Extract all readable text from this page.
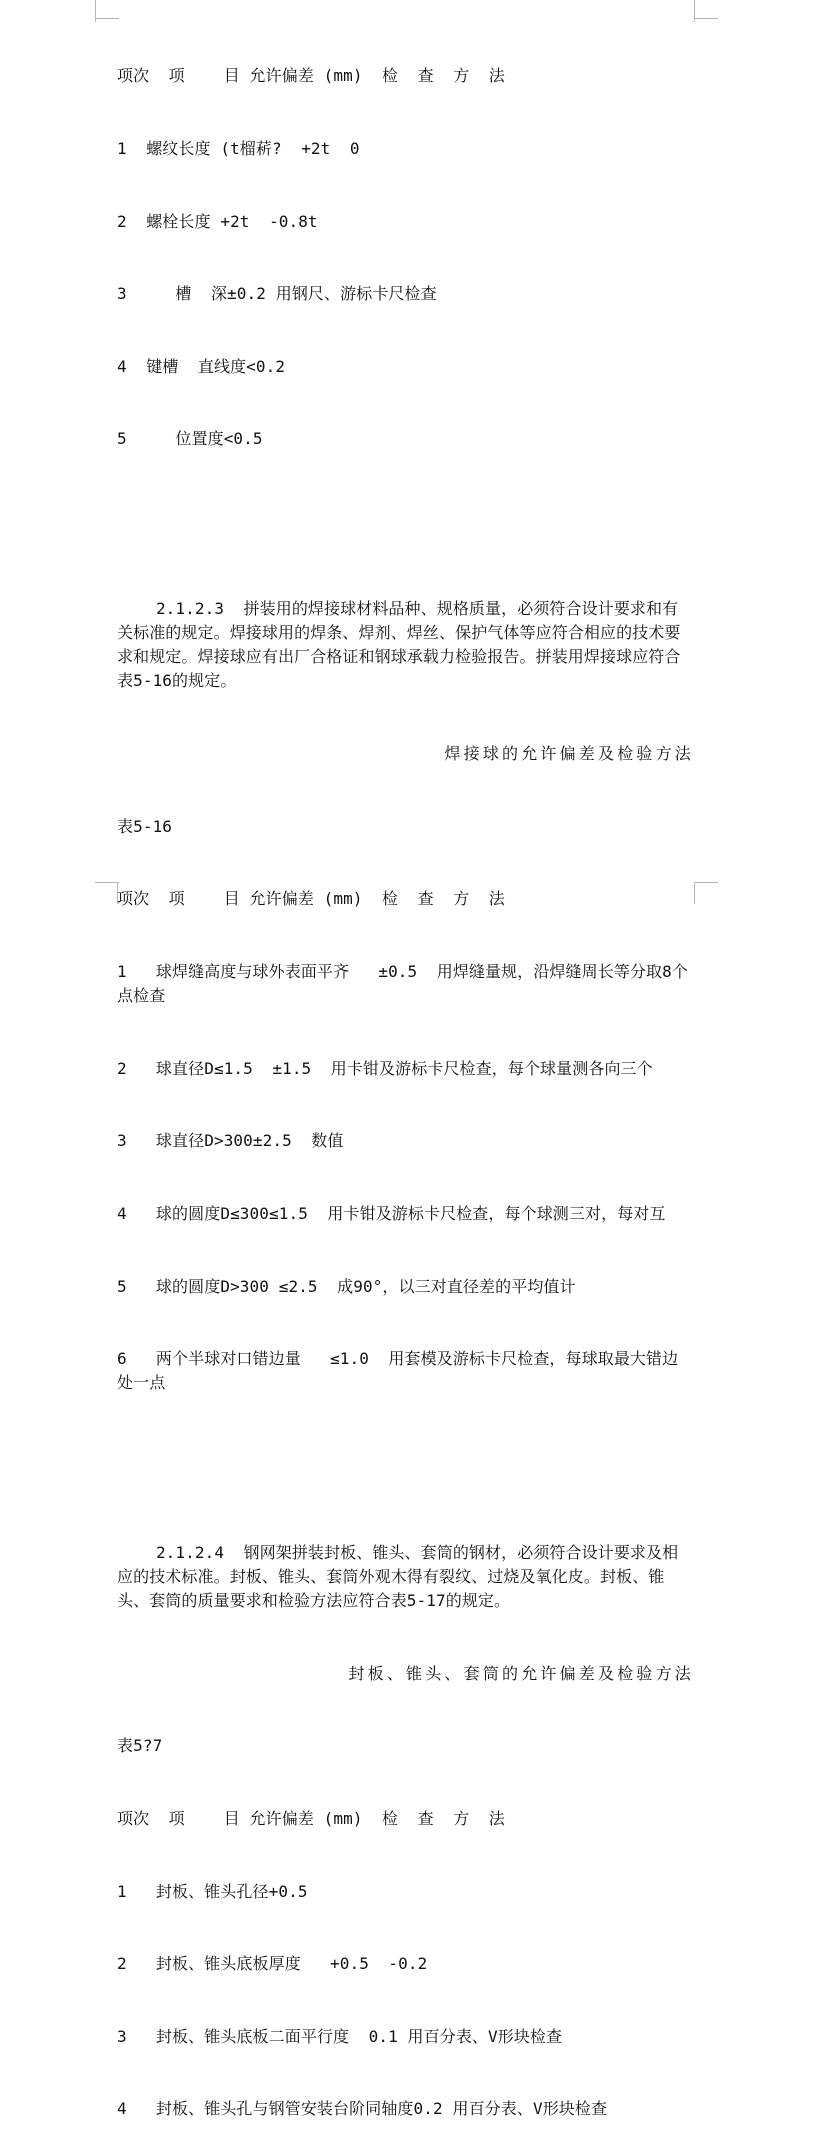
项次  项    目 允许偏差 (mm)  检  查  方  法

1  螺纹长度 (t榴菥?  +2t  0

2  螺栓长度 +2t  -0.8t

3     槽  深±0.2 用钢尺、游标卡尺检查

4  键槽  直线度<0.2

5     位置度<0.5

2.1.2.3  拼装用的焊接球材料品种、规格质量，必须符合设计要求和有关标准的规定。焊接球用的焊条、焊剂、焊丝、保护气体等应符合相应的技术要求和规定。焊接球应有出厂合格证和钢球承载力检验报告。拼装用焊接球应符合表5-16的规定。

焊接球的允许偏差及检验方法

表5-16

项次  项    目 允许偏差 (mm)  检  查  方  法

1   球焊缝高度与球外表面平齐   ±0.5  用焊缝量规，沿焊缝周长等分取8个点检查

2   球直径D≤1.5  ±1.5  用卡钳及游标卡尺检查，每个球量测各向三个

3   球直径D>300±2.5  数值

4   球的圆度D≤300≤1.5  用卡钳及游标卡尺检查，每个球测三对，每对互

5   球的圆度D>300 ≤2.5  成90°，以三对直径差的平均值计

6   两个半球对口错边量   ≤1.0  用套模及游标卡尺检查，每球取最大错边处一点

2.1.2.4  钢网架拼装封板、锥头、套筒的钢材，必须符合设计要求及相应的技术标准。封板、锥头、套筒外观木得有裂纹、过烧及氧化皮。封板、锥头、套筒的质量要求和检验方法应符合表5-17的规定。

封板、锥头、套筒的允许偏差及检验方法

表5?7

项次  项    目 允许偏差 (mm)  检  查  方  法

1   封板、锥头孔径+0.5

2   封板、锥头底板厚度   +0.5  -0.2

3   封板、锥头底板二面平行度  0.1 用百分表、V形块检查

4   封板、锥头孔与钢管安装台阶同轴度0.2 用百分表、V形块检查
